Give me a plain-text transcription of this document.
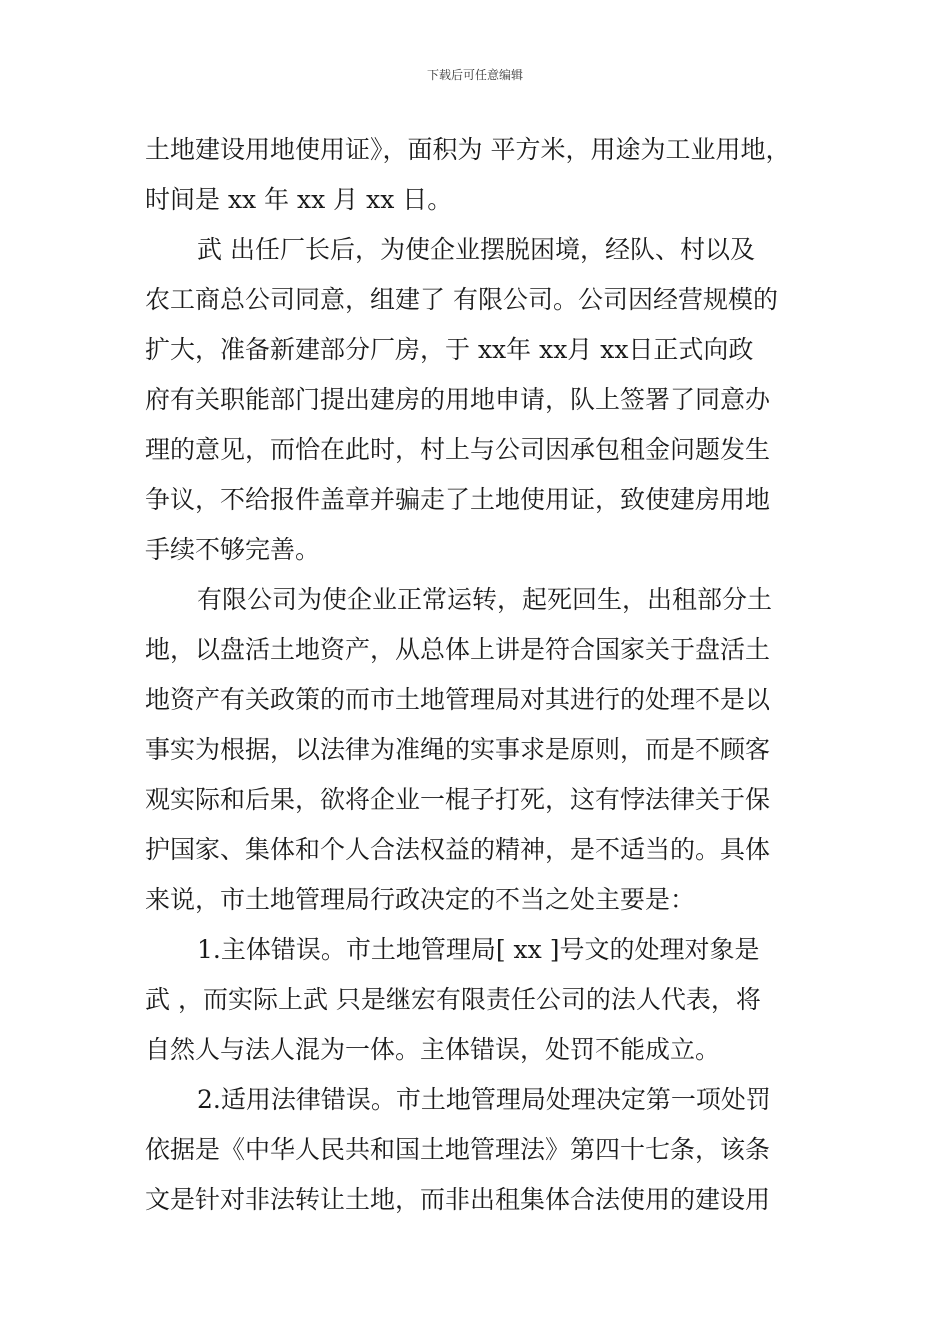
下载后可任意编辑

土地建设用地使用证》，面积为 平方米，用途为工业用地，
时间是 xx 年 xx 月 xx 日。

武 出任厂长后，为使企业摆脱困境，经队、村以及
农工商总公司同意，组建了 有限公司。公司因经营规模的
扩大，准备新建部分厂房，于 xx年 xx月 xx日正式向政
府有关职能部门提出建房的用地申请，队上签署了同意办
理的意见，而恰在此时，村上与公司因承包租金问题发生
争议，不给报件盖章并骗走了土地使用证，致使建房用地
手续不够完善。

有限公司为使企业正常运转，起死回生，出租部分土
地，以盘活土地资产，从总体上讲是符合国家关于盘活土
地资产有关政策的而市土地管理局对其进行的处理不是以
事实为根据，以法律为准绳的实事求是原则，而是不顾客
观实际和后果，欲将企业一棍子打死，这有悖法律关于保
护国家、集体和个人合法权益的精神，是不适当的。具体
来说，市土地管理局行政决定的不当之处主要是：

1.主体错误。市土地管理局[ xx ]号文的处理对象是
武 ，而实际上武 只是继宏有限责任公司的法人代表，将
自然人与法人混为一体。主体错误，处罚不能成立。

2.适用法律错误。市土地管理局处理决定第一项处罚
依据是《中华人民共和国土地管理法》第四十七条，该条
文是针对非法转让土地，而非出租集体合法使用的建设用
